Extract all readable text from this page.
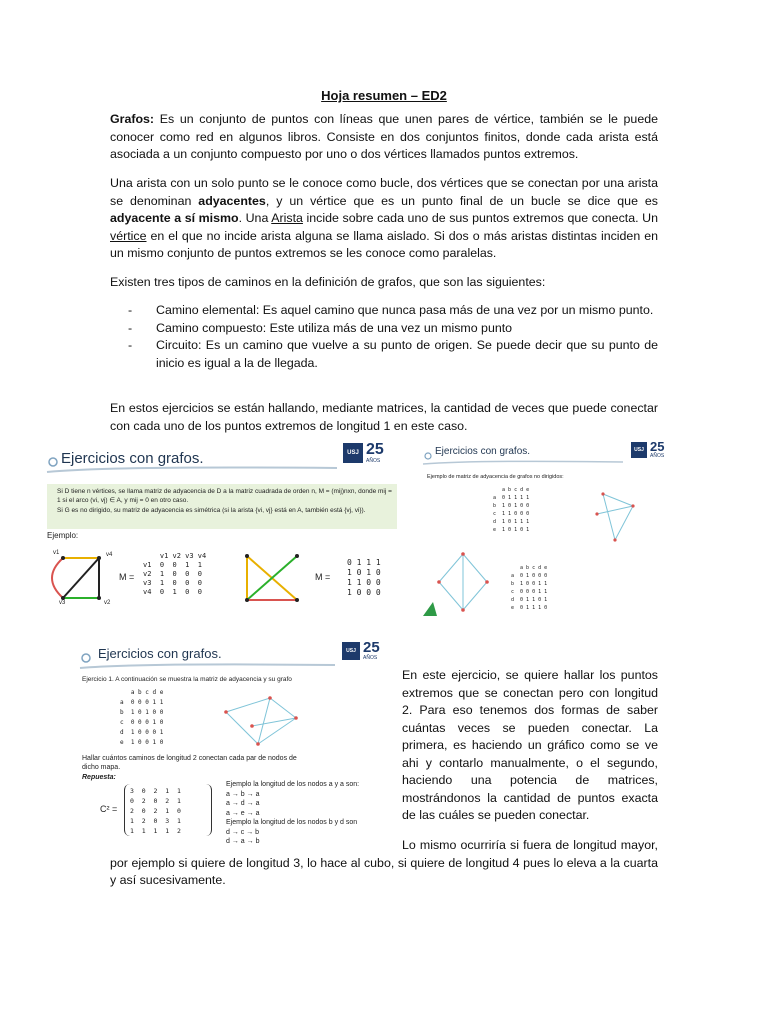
Hoja resumen – ED2

Grafos: Es un conjunto de puntos con líneas que unen pares de vértice, también se le puede conocer como red en algunos libros. Consiste en dos conjuntos finitos, donde cada arista está asociada a un conjunto compuesto por uno o dos vértices llamados puntos extremos.

Una arista con un solo punto se le conoce como bucle, dos vértices que se conectan por una arista se denominan adyacentes, y un vértice que es un punto final de un bucle se dice que es adyacente a sí mismo. Una Arista incide sobre cada uno de sus puntos extremos que conecta. Un vértice en el que no incide arista alguna se llama aislado. Si dos o más aristas distintas inciden en un mismo conjunto de puntos extremos se les conoce como paralelas.

Existen tres tipos de caminos en la definición de grafos, que son las siguientes:

- Camino elemental: Es aquel camino que nunca pasa más de una vez por un mismo punto.
- Camino compuesto: Este utiliza más de una vez un mismo punto
- Circuito: Es un camino que vuelve a su punto de origen. Se puede decir que su punto de inicio es igual a la de llegada.

En estos ejercicios se están hallando, mediante matrices, la cantidad de veces que puede conectar con cada uno de los puntos extremos de longitud 1 en este caso.

Ejercicios con grafos.	USJ 25
AÑOS
Si D tiene n vértices, se llama matriz de adyacencia de D a la matriz cuadrada de orden n, M = (mij)nxn, donde mij = 1 si el arco (vi, vj) ∈ A, y mij = 0 en otro caso.
Si G es no dirigido, su matriz de adyacencia es simétrica (si la arista {vi, vj} está en A, también está {vj, vi}).
Ejemplo:
v1	v4
v3	v2
M =
v1 v2 v3 v4
v1  0  0  1  1
v2  1  0  0  0
v3  1  0  0  0
v4  0  1  0  0
M =
0 1 1 1
1 0 1 0
1 1 0 0
1 0 0 0
Ejercicios con grafos.	USJ 25
AÑOS
Ejemplo de matriz de adyacencia de grafos no dirigidos:
a b c d e
a  0 1 1 1 1
b  1 0 1 0 0
c  1 1 0 0 0
d  1 0 1 1 1
e  1 0 1 0 1
a b c d e
a  0 1 0 0 0
b  1 0 0 1 1
c  0 0 0 1 1
d  0 1 1 0 1
e  0 1 1 1 0
Ejercicios con grafos.	USJ 25
AÑOS
Ejercicio 1. A continuación se muestra la matriz de adyacencia y su grafo
a b c d e
a  0 0 0 1 1
b  1 0 1 0 0
c  0 0 0 1 0
d  1 0 0 0 1
e  1 0 0 1 0
Hallar cuántos caminos de longitud 2 conectan cada par de nodos de dicho mapa.
Repuesta:
C² =
3  0  2  1  1
0  2  0  2  1
2  0  2  1  0
1  2  0  3  1
1  1  1  1  2
Ejemplo la longitud de los nodos a y a son:
a → b → a
a → d → a
a → e → a
Ejemplo la longitud de los nodos b y d son
d → c → b
d → a → b

En este ejercicio, se quiere hallar los puntos extremos que se conectan pero con longitud 2. Para eso tenemos dos formas de saber cuántas veces se pueden conectar. La primera, es haciendo un gráfico como se ve ahi y contarlo manualmente, o el segundo, haciendo una potencia de matrices, mostrándonos la cantidad de puntos exacta de las cuáles se pueden conectar.

Lo mismo ocurriría si fuera de longitud mayor, por ejemplo si quiere de longitud 3, lo hace al cubo, si quiere de longitud 4 pues lo eleva a la cuarta y así sucesivamente.
